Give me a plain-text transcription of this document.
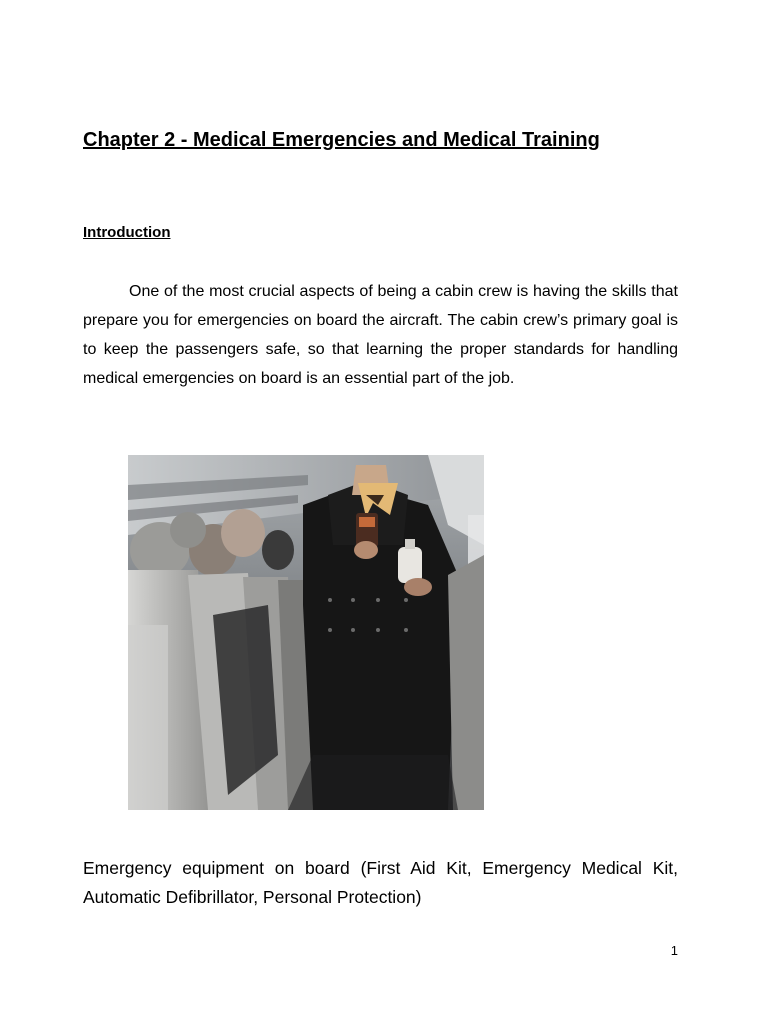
Chapter 2 - Medical Emergencies and Medical Training
Introduction

One of the most crucial aspects of being a cabin crew is having the skills that prepare you for emergencies on board the aircraft. The cabin crew’s primary goal is to keep the passengers safe, so that learning the proper standards for handling medical emergencies on board is an essential part of the job.

Emergency equipment on board (First Aid Kit, Emergency Medical Kit, Automatic Defibrillator, Personal Protection)

1
